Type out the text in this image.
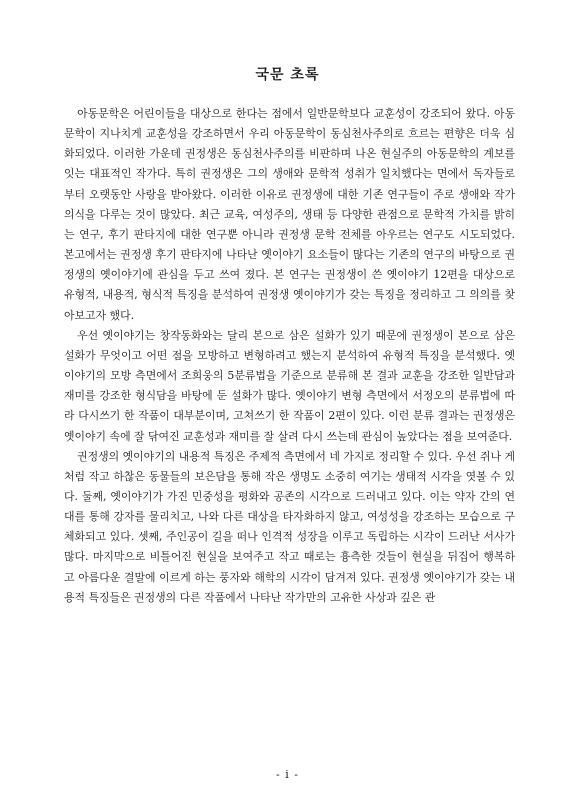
국문 초록

아동문학은 어린이들을 대상으로 한다는 점에서 일반문학보다 교훈성이 강조되어 왔다. 아동문학이 지나치게 교훈성을 강조하면서 우리 아동문학이 동심천사주의로 흐르는 편향은 더욱 심화되었다. 이러한 가운데 권정생은 동심천사주의를 비판하며 나온 현실주의 아동문학의 계보를 잇는 대표적인 작가다. 특히 권정생은 그의 생애와 문학적 성취가 일치했다는 면에서 독자들로부터 오랫동안 사랑을 받아왔다. 이러한 이유로 권정생에 대한 기존 연구들이 주로 생애와 작가의식을 다루는 것이 많았다. 최근 교육, 여성주의, 생태 등 다양한 관점으로 문학적 가치를 밝히는 연구, 후기 판타지에 대한 연구뿐 아니라 권정생 문학 전체를 아우르는 연구도 시도되었다. 본고에서는 권정생 후기 판타지에 나타난 옛이야기 요소들이 많다는 기존의 연구의 바탕으로 권정생의 옛이야기에 관심을 두고 쓰여 졌다. 본 연구는 권정생이 쓴 옛이야기 12편을 대상으로 유형적, 내용적, 형식적 특징을 분석하여 권정생 옛이야기가 갖는 특징을 정리하고 그 의의를 찾아보고자 했다.

우선 옛이야기는 창작동화와는 달리 본으로 삼은 설화가 있기 때문에 권정생이 본으로 삼은 설화가 무엇이고 어떤 점을 모방하고 변형하려고 했는지 분석하여 유형적 특징을 분석했다. 옛이야기의 모방 측면에서 조희웅의 5분류법을 기준으로 분류해 본 결과 교훈을 강조한 일반담과 재미를 강조한 형식담을 바탕에 둔 설화가 많다. 옛이야기 변형 측면에서 서정오의 분류법에 따라 다시쓰기 한 작품이 대부분이며, 고쳐쓰기 한 작품이 2편이 있다. 이런 분류 결과는 권정생은 옛이야기 속에 잘 닦여진 교훈성과 재미를 잘 살려 다시 쓰는데 관심이 높았다는 점을 보여준다.

권정생의 옛이야기의 내용적 특징은 주제적 측면에서 네 가지로 정리할 수 있다. 우선 쥐나 게처럼 작고 하찮은 동물들의 보은담을 통해 작은 생명도 소중히 여기는 생태적 시각을 엿볼 수 있다. 둘째, 옛이야기가 가진 민중성을 평화와 공존의 시각으로 드러내고 있다. 이는 약자 간의 연대를 통해 강자를 물리치고, 나와 다른 대상을 타자화하지 않고, 여성성을 강조하는 모습으로 구체화되고 있다. 셋째, 주인공이 길을 떠나 인격적 성장을 이루고 독립하는 시각이 드러난 서사가 많다. 마지막으로 비틀어진 현실을 보여주고 작고 때로는 흉측한 것들이 현실을 뒤집어 행복하고 아름다운 결말에 이르게 하는 풍자와 해학의 시각이 담겨져 있다. 권정생 옛이야기가 갖는 내용적 특징들은 권정생의 다른 작품에서 나타난 작가만의 고유한 사상과 깊은 관

- i -
